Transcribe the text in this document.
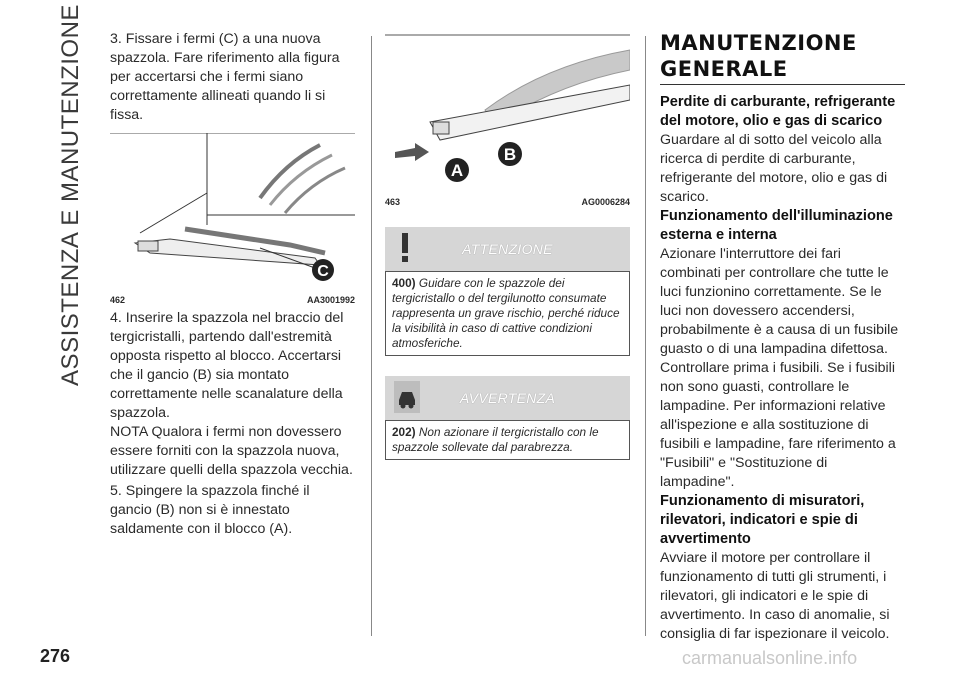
ASSISTENZA E MANUTENZIONE 3. Fissare i fermi (C) a una nuova spazzola. Fare riferimento alla figura per accertarsi che i fermi siano correttamente allineati quando li si fissa.

C
462	AA3001992

4. Inserire la spazzola nel braccio del tergicristalli, partendo dall'estremità opposta rispetto al blocco. Accertarsi che il gancio (B) sia montato correttamente nelle scanalature della spazzola.

NOTA Qualora i fermi non dovessero essere forniti con la spazzola nuova, utilizzare quelli della spazzola vecchia.

5. Spingere la spazzola finché il gancio (B) non si è innestato saldamente con il blocco (A).

A
B
463	AG0006284
ATTENZIONE
400) Guidare con le spazzole dei tergicristallo o del tergilunotto consumate rappresenta un grave rischio, perché riduce la visibilità in caso di cattive condizioni atmosferiche.
AVVERTENZA
202) Non azionare il tergicristallo con le spazzole sollevate dal parabrezza.
MANUTENZIONE GENERALE
Perdite di carburante, refrigerante del motore, olio e gas di scarico

Guardare al di sotto del veicolo alla ricerca di perdite di carburante, refrigerante del motore, olio e gas di scarico.

Funzionamento dell'illuminazione esterna e interna

Azionare l'interruttore dei fari combinati per controllare che tutte le luci funzionino correttamente. Se le luci non dovessero accendersi, probabilmente è a causa di un fusibile guasto o di una lampadina difettosa. Controllare prima i fusibili. Se i fusibili non sono guasti, controllare le lampadine. Per informazioni relative all'ispezione e alla sostituzione di fusibili e lampadine, fare riferimento a "Fusibili" e "Sostituzione di lampadine".

Funzionamento di misuratori, rilevatori, indicatori e spie di avvertimento

Avviare il motore per controllare il funzionamento di tutti gli strumenti, i rilevatori, gli indicatori e le spie di avvertimento. In caso di anomalie, si consiglia di far ispezionare il veicolo.

276	carmanualsonline.info
